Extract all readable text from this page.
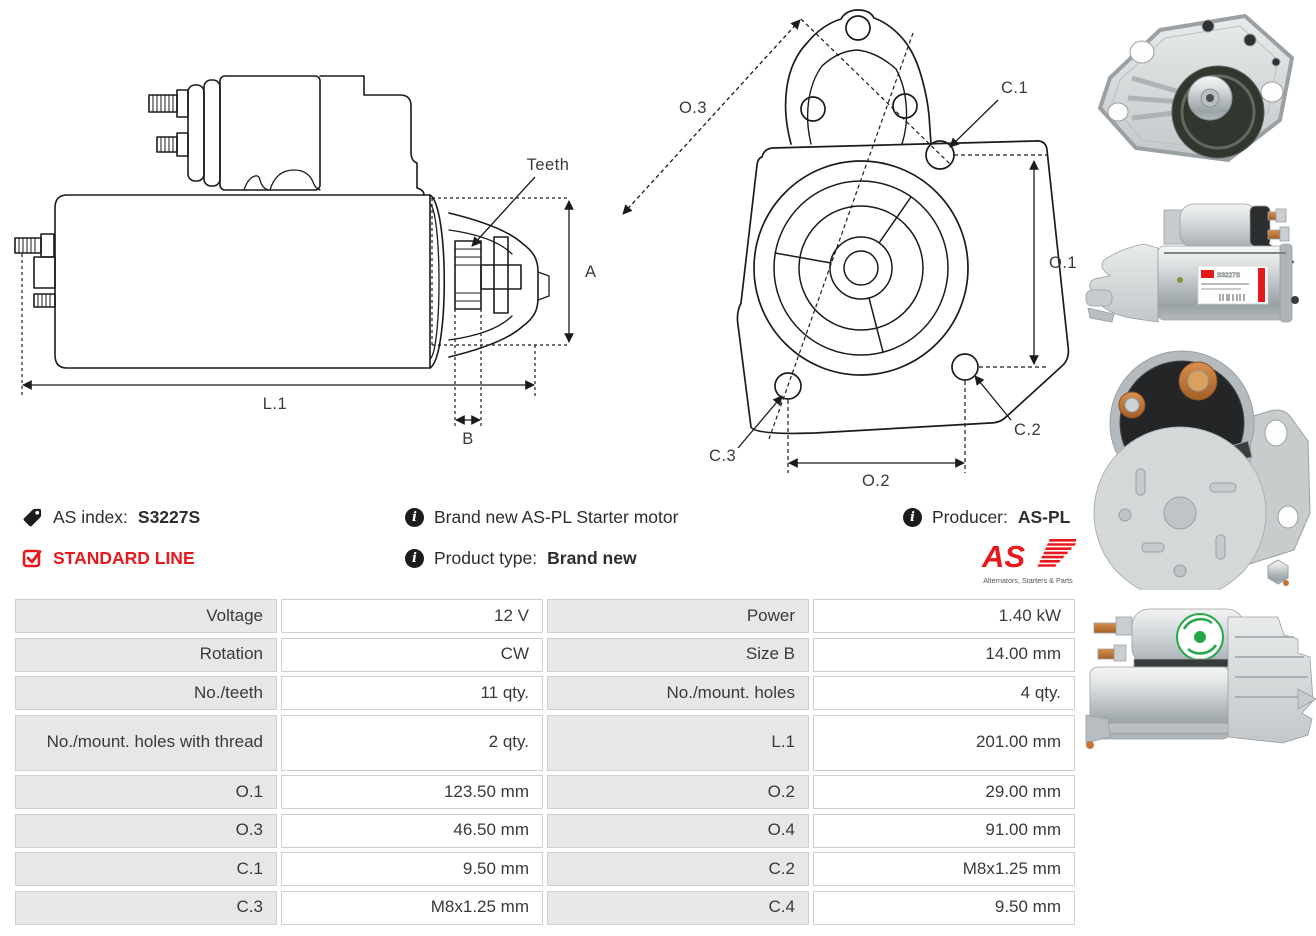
Teeth
A
L.1
B
O.3
C.1
O.1
C.3
C.2
O.2
S3227S
AS index: S3227S	i Brand new AS-PL Starter motor	i Producer: AS-PL
STANDARD LINE	i Product type: Brand new	AS
Alternators, Starters & Parts
Voltage	12 V	Power	1.40 kW
Rotation	CW	Size B	14.00 mm
No./teeth	11 qty.	No./mount. holes	4 qty.
No./mount. holes with thread	2 qty.	L.1	201.00 mm
O.1	123.50 mm	O.2	29.00 mm
O.3	46.50 mm	O.4	91.00 mm
C.1	9.50 mm	C.2	M8x1.25 mm
C.3	M8x1.25 mm	C.4	9.50 mm
